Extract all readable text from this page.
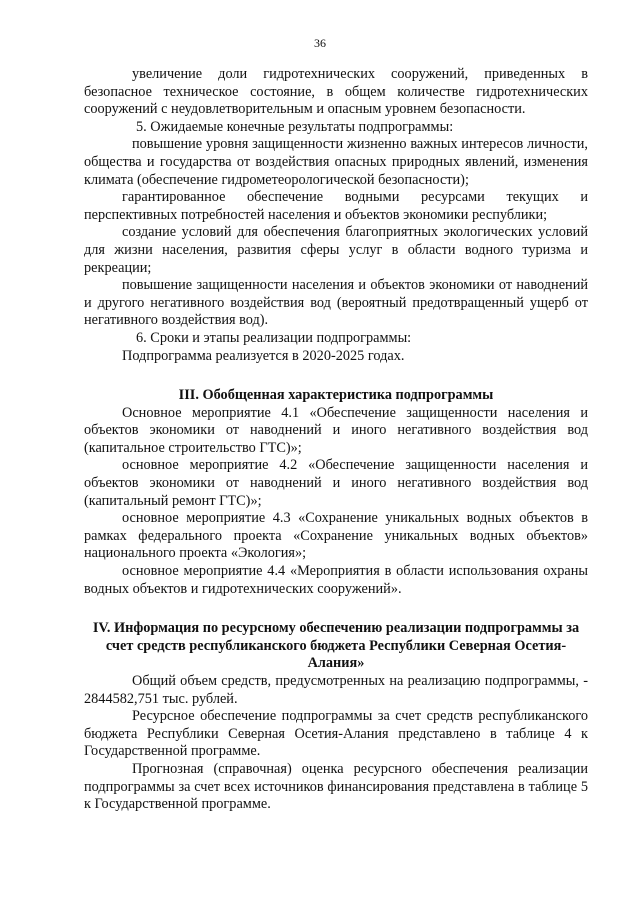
36

увеличение доли гидротехнических сооружений, приведенных в безопасное техническое состояние, в общем количестве гидротехнических сооружений с неудовлетворительным и опасным уровнем безопасности.

5. Ожидаемые конечные результаты подпрограммы:

повышение уровня защищенности жизненно важных интересов личности, общества и государства от воздействия опасных природных явлений, изменения климата (обеспечение гидрометеорологической безопасности);

гарантированное обеспечение водными ресурсами текущих и перспективных потребностей населения и объектов экономики республики;

создание условий для обеспечения благоприятных экологических условий для жизни населения, развития сферы услуг в области водного туризма и рекреации;

повышение защищенности населения и объектов экономики от наводнений и другого негативного воздействия вод (вероятный предотвращенный ущерб от негативного воздействия вод).

6. Сроки и этапы реализации подпрограммы:

Подпрограмма реализуется в 2020-2025 годах.

III. Обобщенная характеристика подпрограммы

Основное мероприятие 4.1 «Обеспечение защищенности населения и объектов экономики от наводнений и иного негативного воздействия вод (капитальное строительство ГТС)»;

основное мероприятие 4.2 «Обеспечение защищенности населения и объектов экономики от наводнений и иного негативного воздействия вод (капитальный ремонт ГТС)»;

основное мероприятие 4.3 «Сохранение уникальных водных объектов в рамках федерального проекта «Сохранение уникальных водных объектов» национального проекта «Экология»;

основное мероприятие 4.4 «Мероприятия в области использования охраны водных объектов и гидротехнических сооружений».

IV. Информация по ресурсному обеспечению реализации подпрограммы за счет средств республиканского бюджета Республики Северная Осетия-Алания»

Общий объем средств, предусмотренных на реализацию подпрограммы, - 2844582,751 тыс. рублей.

Ресурсное обеспечение подпрограммы за счет средств республиканского бюджета Республики Северная Осетия-Алания представлено в таблице 4 к Государственной программе.

Прогнозная (справочная) оценка ресурсного обеспечения реализации подпрограммы за счет всех источников финансирования представлена в таблице 5 к Государственной программе.
